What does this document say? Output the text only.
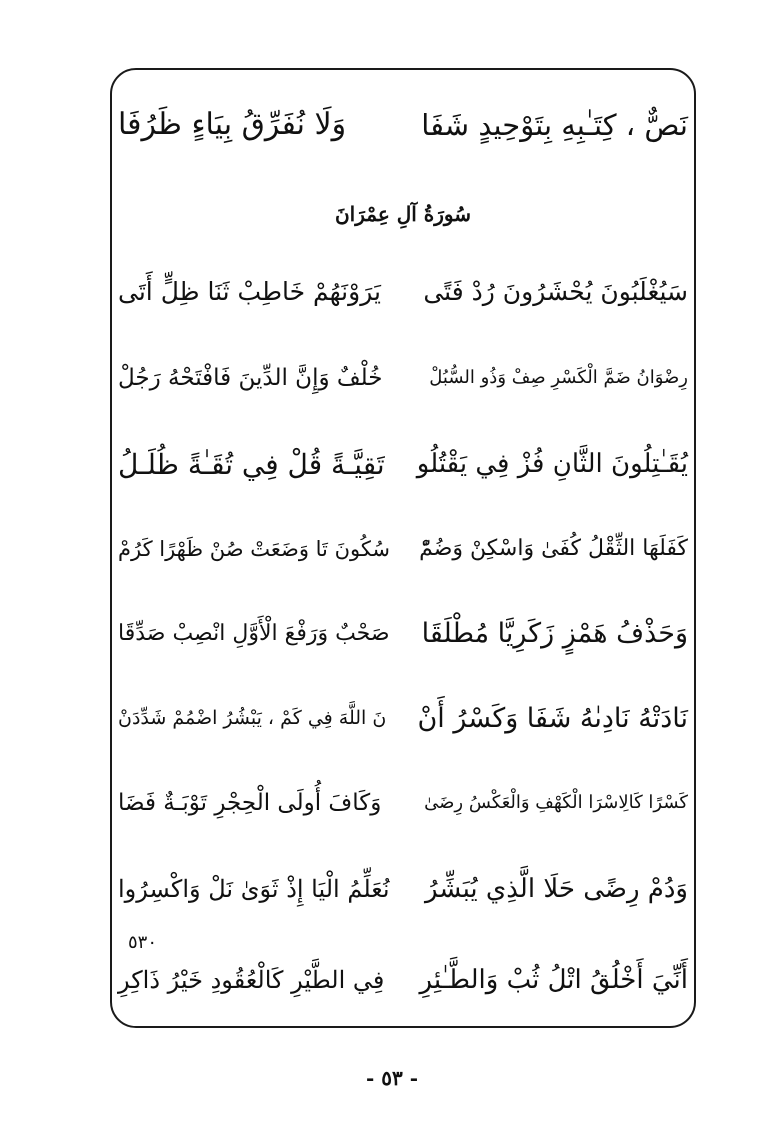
نَصٌّ ، كِتَـٰبِهِ بِتَوْحِيدٍ شَفَا
وَلَا نُفَرِّقُ بِيَاءٍ ظَرُفَا
سُورَةُ آلِ عِمْرَانَ
سَيُغْلَبُونَ يُحْشَرُونَ رُدْ فَتًى
يَرَوْنَهُمْ خَاطِبْ ثَنَا ظِلٍّ أَتَى
رِضْوَانُ ضَمَّ الْكَسْرِ صِفْ وَذُو السُّبُلْ
خُلْفٌ وَإِنَّ الدِّينَ فَافْتَحْهُ رَجُلْ
يُقَـٰتِلُونَ الثَّانِ فُزْ فِي يَقْتُلُو
تَقِيَّـةً قُلْ فِي تُقَـٰةً ظُلَـلُ
كَفَلَهَا الثِّقْلُ كُفَىٰ وَاسْكِنْ وَضُمّْ
سُكُونَ تَا وَضَعَتْ صُنْ ظَهْرًا كَرُمْ
وَحَذْفُ هَمْزٍ زَكَرِيَّا مُطْلَقَا
صَحْبٌ وَرَفْعَ الْأَوَّلِ انْصِبْ صَدِّقَا
نَادَتْهُ نَادِىٰهُ شَفَا وَكَسْرُ أَنْ
نَ اللَّهَ فِي كَمْ ، يَبْشُرُ اضْمُمْ شَدِّدَنْ
كَسْرًا كَالِاسْرَا الْكَهْفِ وَالْعَكْسُ رِضَىٰ
وَكَافَ أُولَى الْحِجْرِ تَوْبَـةٌ فَضَا
وَدُمْ رِضًى حَلَا الَّذِي يُبَشِّرُ
نُعَلِّمُ الْيَا إِذْ ثَوَىٰ نَلْ وَاكْسِرُوا
٥٣٠
أَنِّيَ أَخْلُقُ اتْلُ ثُبْ وَالطَّـٰئِرِ
فِي الطَّيْرِ كَالْعُقُودِ خَيْرُ ذَاكِرِ
- ٥٣ -
